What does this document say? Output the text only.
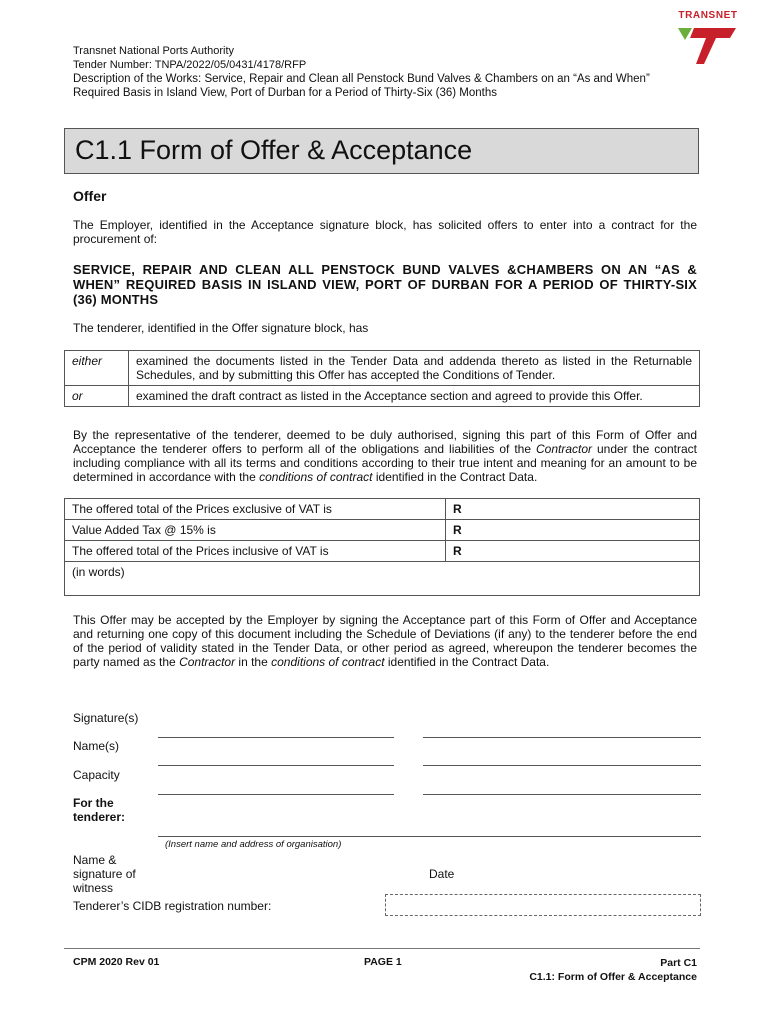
TRANSNET
Transnet National Ports Authority
Tender Number: TNPA/2022/05/0431/4178/RFP
Description of the Works: Service, Repair and Clean all Penstock Bund Valves & Chambers on an “As and When” Required Basis in Island View, Port of Durban for a Period of Thirty-Six (36) Months
C1.1 Form of Offer & Acceptance
Offer
The Employer, identified in the Acceptance signature block, has solicited offers to enter into a contract for the procurement of:
SERVICE, REPAIR AND CLEAN ALL PENSTOCK BUND VALVES &CHAMBERS ON AN “AS & WHEN” REQUIRED BASIS IN ISLAND VIEW, PORT OF DURBAN FOR A PERIOD OF THIRTY-SIX (36) MONTHS
The tenderer, identified in the Offer signature block, has
either	examined the documents listed in the Tender Data and addenda thereto as listed in the Returnable Schedules, and by submitting this Offer has accepted the Conditions of Tender.
or	examined the draft contract as listed in the Acceptance section and agreed to provide this Offer.
By the representative of the tenderer, deemed to be duly authorised, signing this part of this Form of Offer and Acceptance the tenderer offers to perform all of the obligations and liabilities of the Contractor under the contract including compliance with all its terms and conditions according to their true intent and meaning for an amount to be determined in accordance with the conditions of contract identified in the Contract Data.
The offered total of the Prices exclusive of VAT is	R
Value Added Tax @ 15% is	R
The offered total of the Prices inclusive of VAT is	R
(in words)	
This Offer may be accepted by the Employer by signing the Acceptance part of this Form of Offer and Acceptance and returning one copy of this document including the Schedule of Deviations (if any) to the tenderer before the end of the period of validity stated in the Tender Data, or other period as agreed, whereupon the tenderer becomes the party named as the Contractor in the conditions of contract identified in the Contract Data.
Signature(s)
Name(s)
Capacity
For the
tenderer:
(Insert name and address of organisation)
Name &
signature of
witness
Date
Tenderer’s CIDB registration number:
CPM 2020 Rev 01	PAGE 1	Part C1
C1.1: Form of Offer & Acceptance
